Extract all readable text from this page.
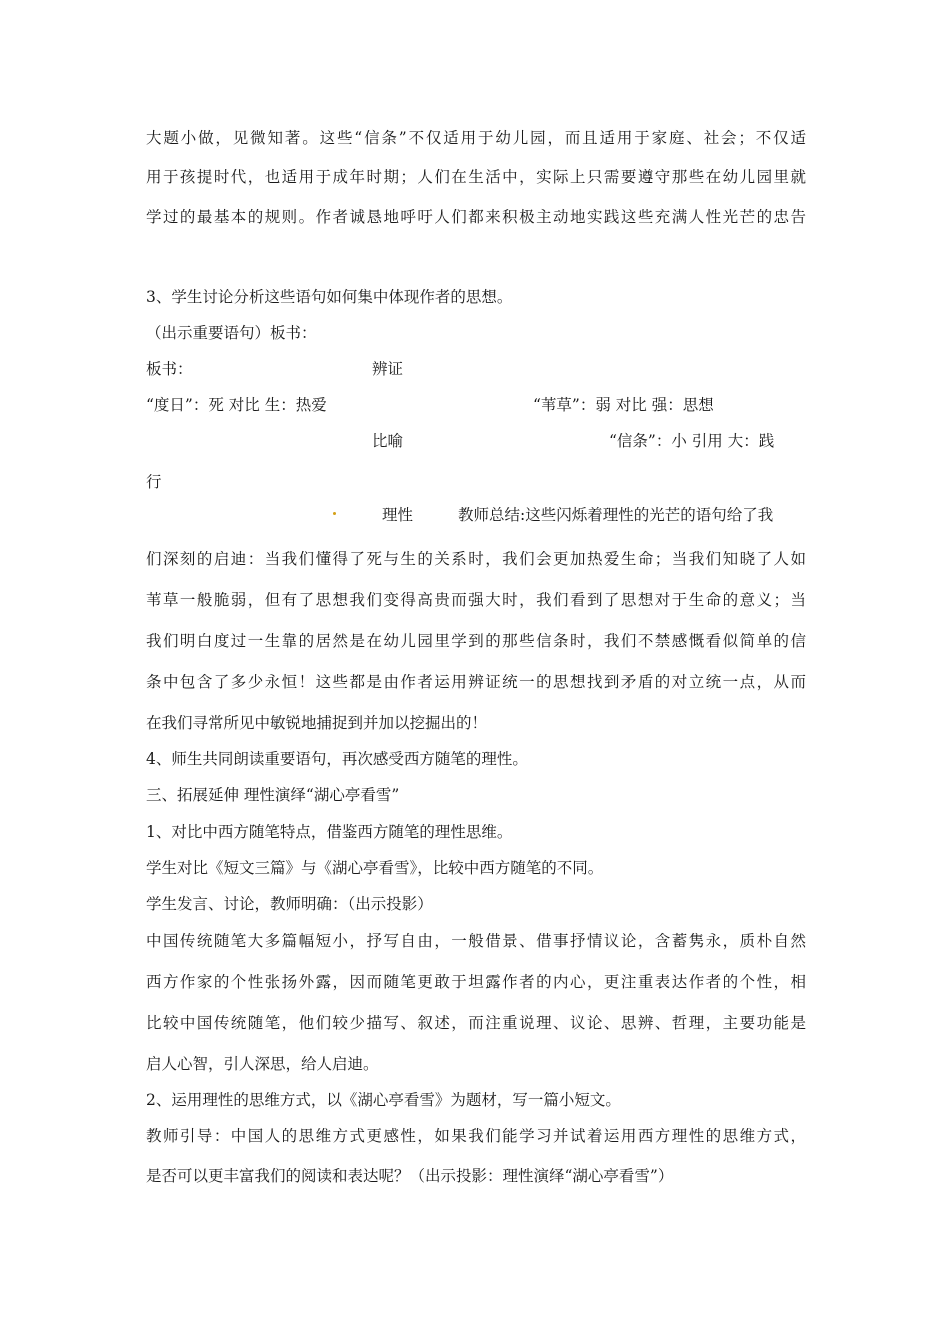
大题小做，见微知著。这些“信条”不仅适用于幼儿园，而且适用于家庭、社会；不仅适
用于孩提时代，也适用于成年时期；人们在生活中，实际上只需要遵守那些在幼儿园里就
学过的最基本的规则。作者诚恳地呼吁人们都来积极主动地实践这些充满人性光芒的忠告
3、学生讨论分析这些语句如何集中体现作者的思想。
（出示重要语句）板书：
板书：	辨证
“度日”：死 对比 生：热爱	“苇草”：弱 对比 强：思想
比喻	“信条”：小 引用 大：践
行
理性	教师总结:这些闪烁着理性的光芒的语句给了我
们深刻的启迪：当我们懂得了死与生的关系时，我们会更加热爱生命；当我们知晓了人如
苇草一般脆弱，但有了思想我们变得高贵而强大时，我们看到了思想对于生命的意义；当
我们明白度过一生靠的居然是在幼儿园里学到的那些信条时，我们不禁感慨看似简单的信
条中包含了多少永恒！这些都是由作者运用辨证统一的思想找到矛盾的对立统一点，从而
在我们寻常所见中敏锐地捕捉到并加以挖掘出的！
4、师生共同朗读重要语句，再次感受西方随笔的理性。
三、拓展延伸 理性演绎“湖心亭看雪”
1、对比中西方随笔特点，借鉴西方随笔的理性思维。
学生对比《短文三篇》与《湖心亭看雪》，比较中西方随笔的不同。
学生发言、讨论，教师明确：（出示投影）
中国传统随笔大多篇幅短小，抒写自由，一般借景、借事抒情议论，含蓄隽永，质朴自然
西方作家的个性张扬外露，因而随笔更敢于坦露作者的内心，更注重表达作者的个性，相
比较中国传统随笔，他们较少描写、叙述，而注重说理、议论、思辨、哲理，主要功能是
启人心智，引人深思，给人启迪。
2、运用理性的思维方式，以《湖心亭看雪》为题材，写一篇小短文。
教师引导：中国人的思维方式更感性，如果我们能学习并试着运用西方理性的思维方式，
是否可以更丰富我们的阅读和表达呢？（出示投影：理性演绎“湖心亭看雪”）
